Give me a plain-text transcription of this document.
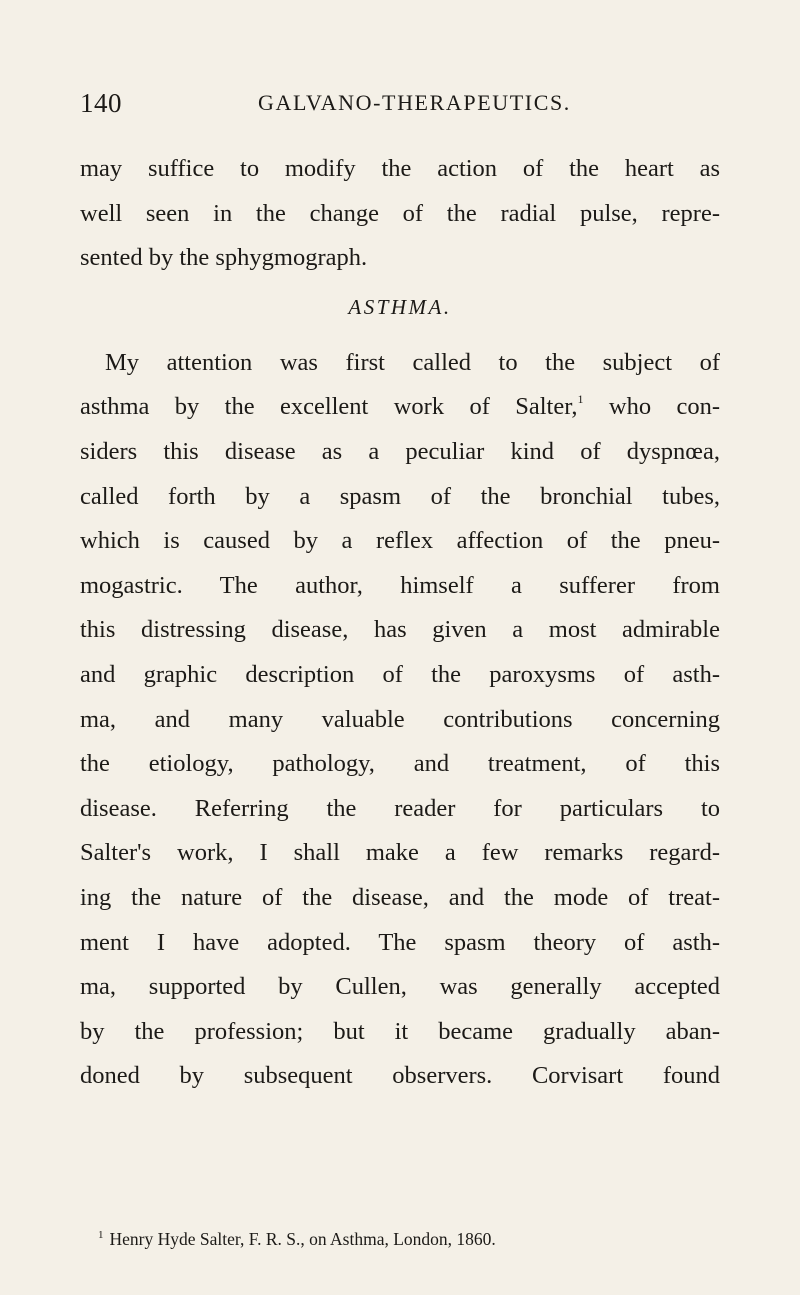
140	GALVANO-THERAPEUTICS.
may suffice to modify the action of the heart as
well seen in the change of the radial pulse, repre-
sented by the sphygmograph.
ASTHMA.
My attention was first called to the subject of
asthma by the excellent work of Salter,$^1$ who con-
siders this disease as a peculiar kind of dyspnœa,
called forth by a spasm of the bronchial tubes,
which is caused by a reflex affection of the pneu-
mogastric. The author, himself a sufferer from
this distressing disease, has given a most admirable
and graphic description of the paroxysms of asth-
ma, and many valuable contributions concerning
the etiology, pathology, and treatment, of this
disease. Referring the reader for particulars to
Salter's work, I shall make a few remarks regard-
ing the nature of the disease, and the mode of treat-
ment I have adopted. The spasm theory of asth-
ma, supported by Cullen, was generally accepted
by the profession; but it became gradually aban-
doned by subsequent observers. Corvisart found
$^1$ Henry Hyde Salter, F. R. S., on Asthma, London, 1860.
